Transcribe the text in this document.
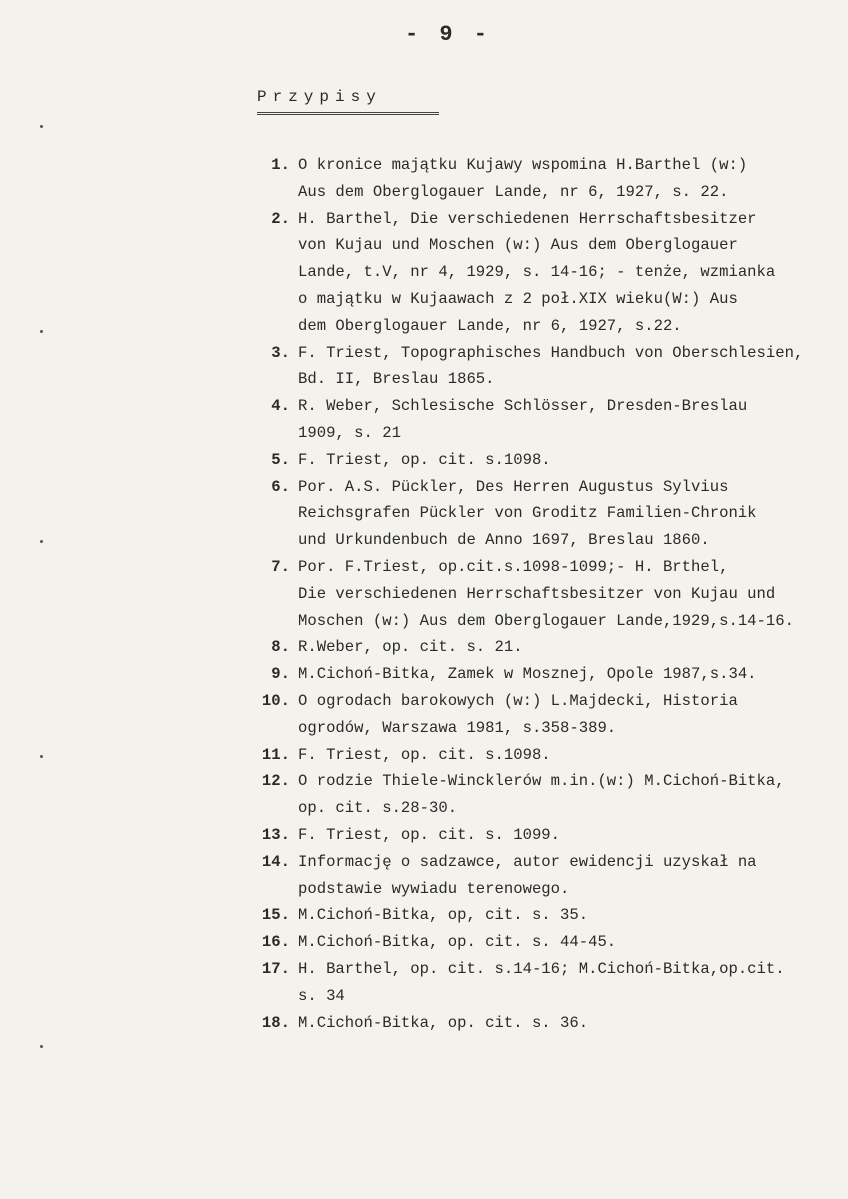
- 9 -
Przypisy
1. O kronice majątku Kujawy wspomina H.Barthel (w:)
Aus dem Oberglogauer Lande, nr 6, 1927, s. 22.
2. H. Barthel, Die verschiedenen Herrschaftsbesitzer
von Kujau und Moschen (w:) Aus dem Oberglogauer
Lande, t.V, nr 4, 1929, s. 14-16; - tenże, wzmianka
o majątku w Kujaawach z 2 poł.XIX wieku(W:) Aus
dem Oberglogauer Lande, nr 6, 1927, s.22.
3. F. Triest, Topographisches Handbuch von Oberschlesien,
Bd. II, Breslau 1865.
4. R. Weber, Schlesische Schlösser, Dresden-Breslau
1909, s. 21
5. F. Triest, op. cit. s.1098.
6. Por. A.S. Pückler, Des Herren Augustus Sylvius
Reichsgrafen Pückler von Groditz Familien-Chronik
und Urkundenbuch de Anno 1697, Breslau 1860.
7. Por. F.Triest, op.cit.s.1098-1099;- H. Brthel,
Die verschiedenen Herrschaftsbesitzer von Kujau und
Moschen (w:) Aus dem Oberglogauer Lande,1929,s.14-16.
8. R.Weber, op. cit. s. 21.
9. M.Cichoń-Bitka, Zamek w Mosznej, Opole 1987,s.34.
10. O ogrodach barokowych (w:) L.Majdecki, Historia
ogrodów, Warszawa 1981, s.358-389.
11. F. Triest, op. cit. s.1098.
12. O rodzie Thiele-Wincklerów m.in.(w:) M.Cichoń-Bitka,
op. cit. s.28-30.
13. F. Triest, op. cit. s. 1099.
14. Informację o sadzawce, autor ewidencji uzyskał na
podstawie wywiadu terenowego.
15. M.Cichoń-Bitka, op, cit. s. 35.
16. M.Cichoń-Bitka, op. cit. s. 44-45.
17. H. Barthel, op. cit. s.14-16; M.Cichoń-Bitka,op.cit.
s. 34
18. M.Cichoń-Bitka, op. cit. s. 36.
